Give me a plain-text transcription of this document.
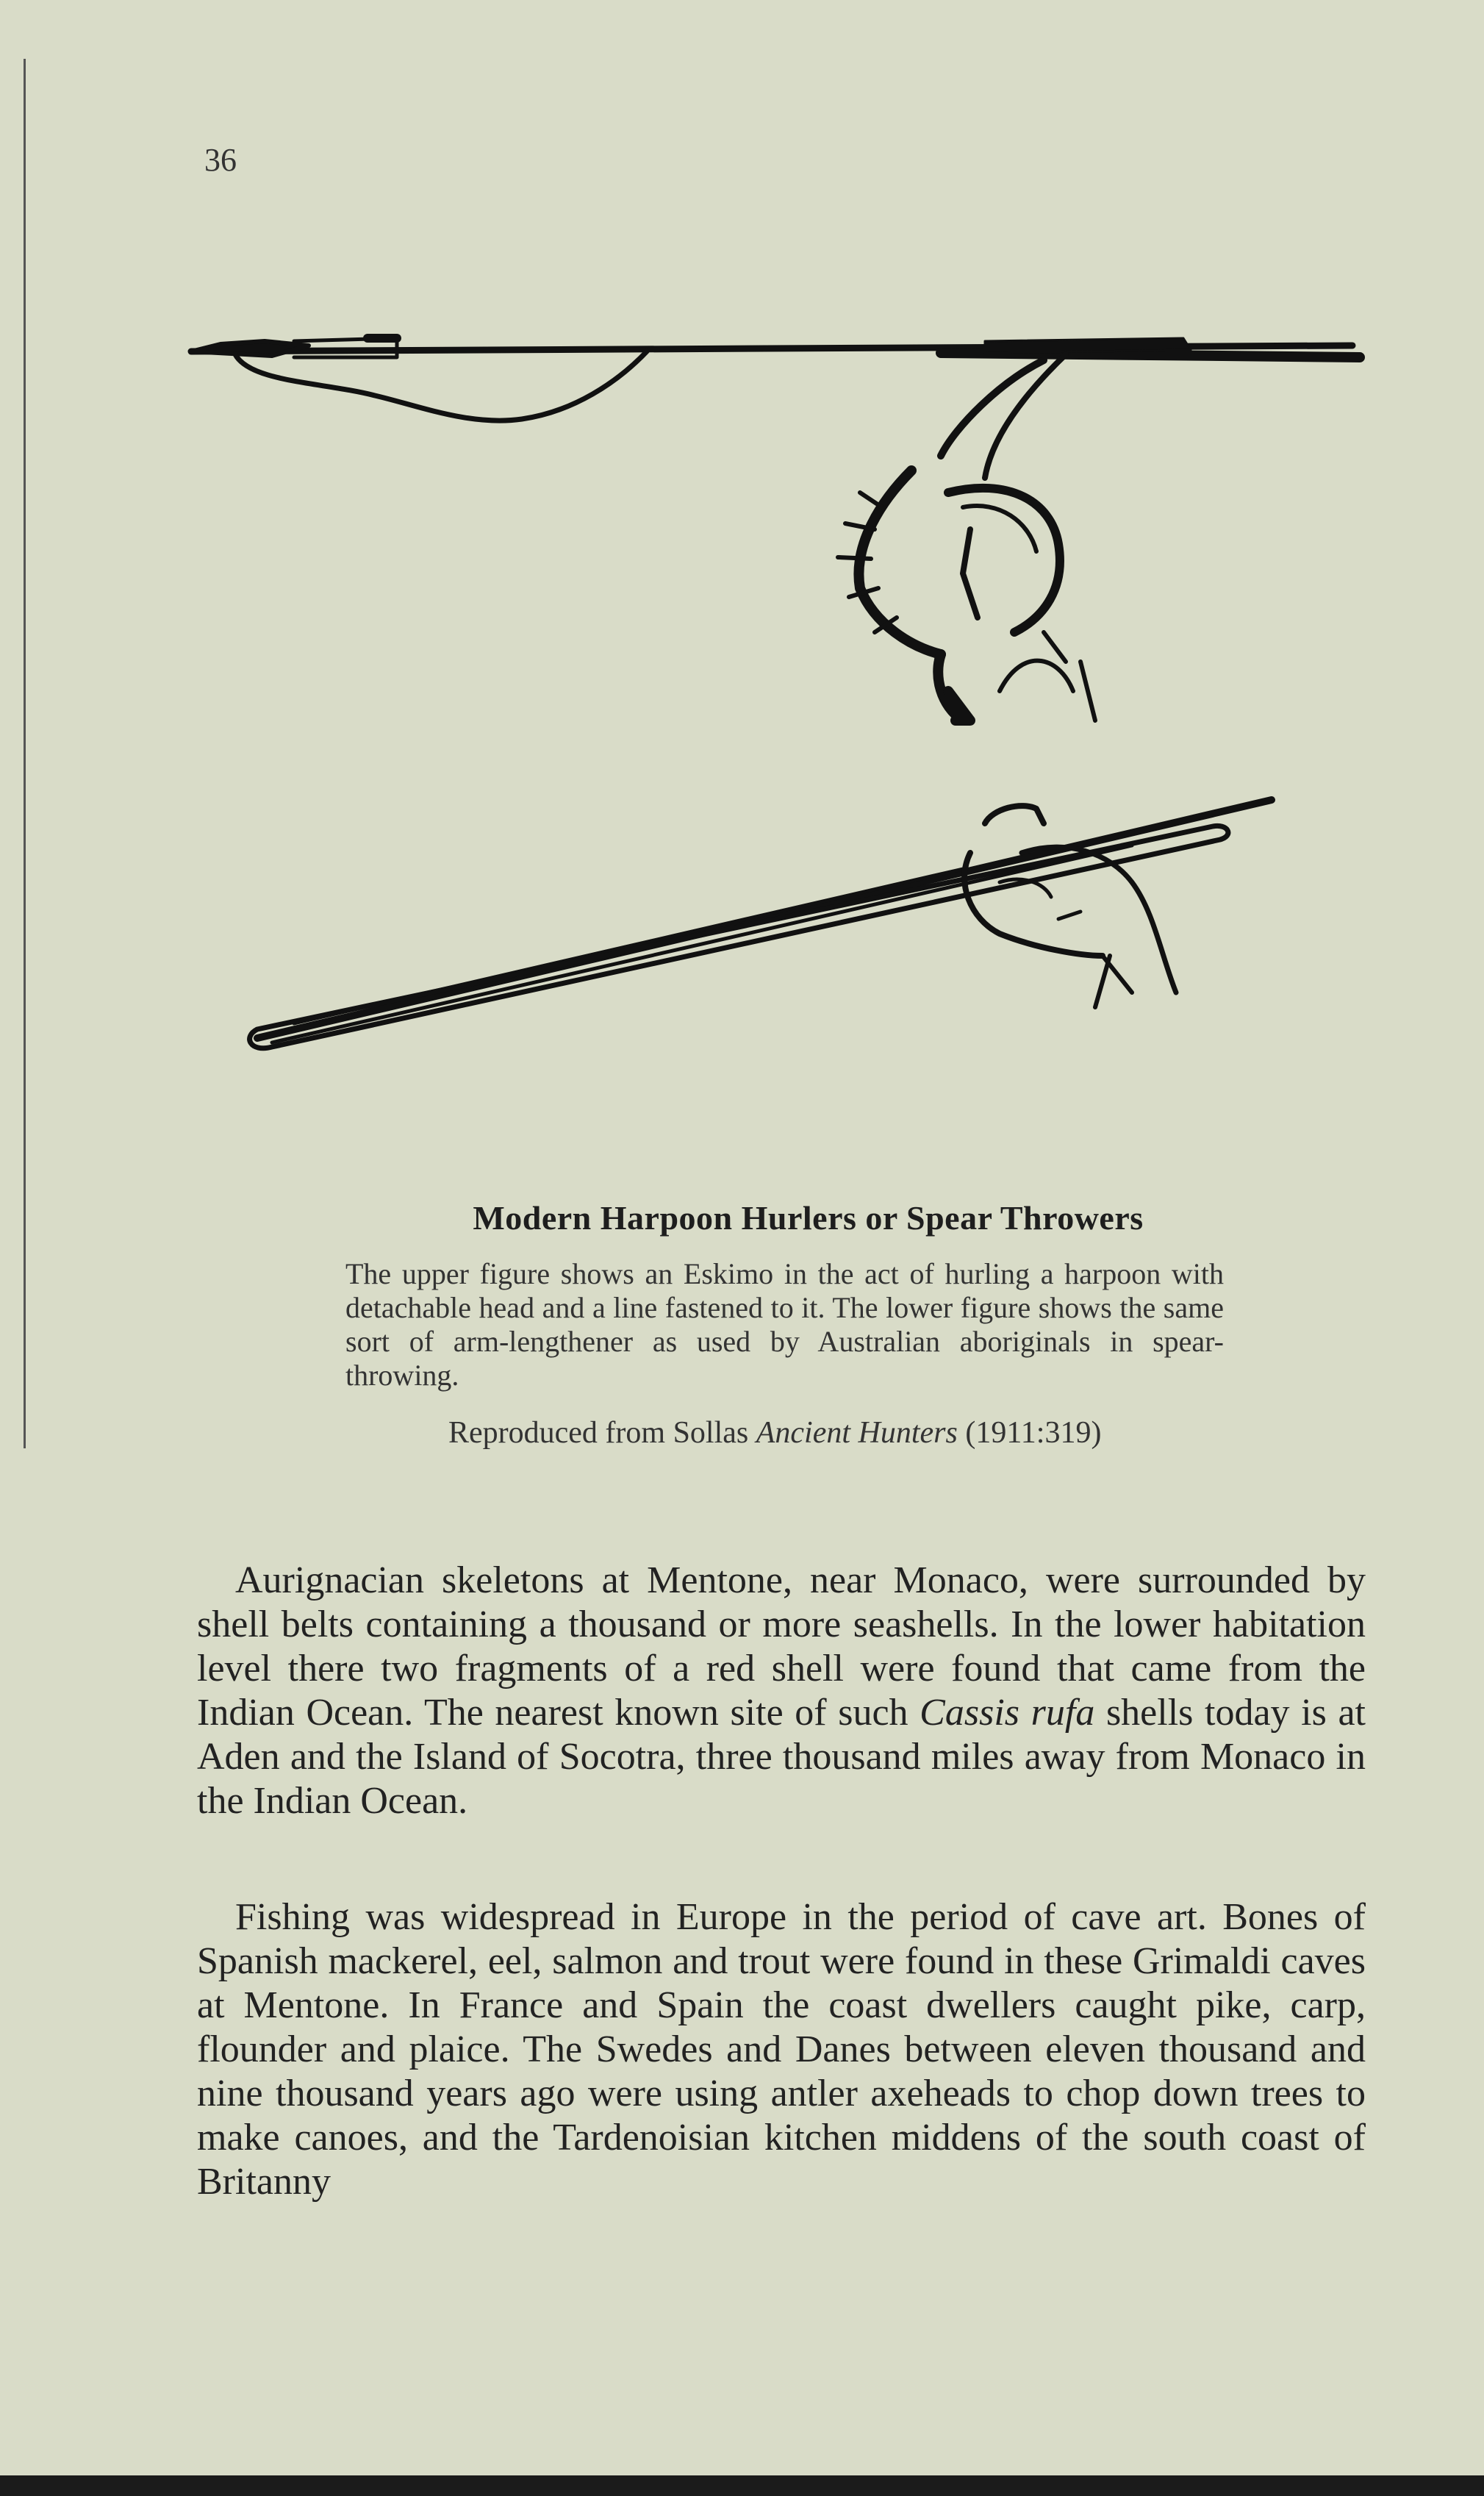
36
Modern Harpoon Hurlers or Spear Throwers
The upper figure shows an Eskimo in the act of hurling a harpoon with detachable head and a line fastened to it. The lower figure shows the same sort of arm-lengthener as used by Australian aboriginals in spear-throwing.
Reproduced from Sollas Ancient Hunters (1911:319)
Aurignacian skeletons at Mentone, near Monaco, were surrounded by shell belts containing a thousand or more seashells. In the lower habitation level there two fragments of a red shell were found that came from the Indian Ocean. The nearest known site of such Cassis rufa shells today is at Aden and the Island of Socotra, three thousand miles away from Monaco in the Indian Ocean.
Fishing was widespread in Europe in the period of cave art. Bones of Spanish mackerel, eel, salmon and trout were found in these Grimaldi caves at Mentone. In France and Spain the coast dwellers caught pike, carp, flounder and plaice. The Swedes and Danes between eleven thousand and nine thousand years ago were using antler axeheads to chop down trees to make canoes, and the Tardenoisian kitchen middens of the south coast of Britanny
